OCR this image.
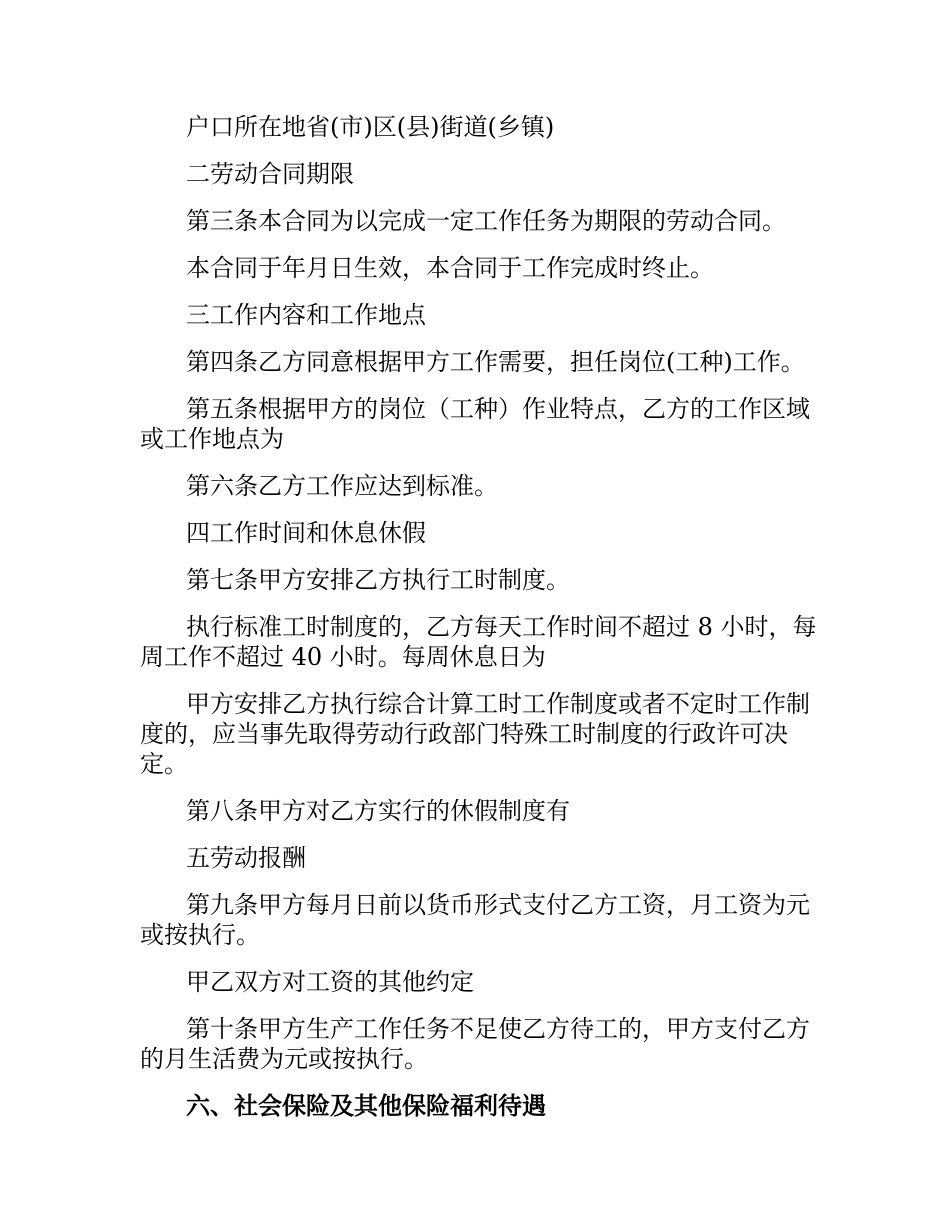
户口所在地省(市)区(县)街道(乡镇)

二劳动合同期限

第三条本合同为以完成一定工作任务为期限的劳动合同。

本合同于年月日生效，本合同于工作完成时终止。

三工作内容和工作地点

第四条乙方同意根据甲方工作需要，担任岗位(工种)工作。

第五条根据甲方的岗位（工种）作业特点，乙方的工作区域或工作地点为

第六条乙方工作应达到标准。

四工作时间和休息休假

第七条甲方安排乙方执行工时制度。

执行标准工时制度的，乙方每天工作时间不超过 8 小时，每周工作不超过 40 小时。每周休息日为

甲方安排乙方执行综合计算工时工作制度或者不定时工作制度的，应当事先取得劳动行政部门特殊工时制度的行政许可决定。

第八条甲方对乙方实行的休假制度有

五劳动报酬

第九条甲方每月日前以货币形式支付乙方工资，月工资为元或按执行。

甲乙双方对工资的其他约定

第十条甲方生产工作任务不足使乙方待工的，甲方支付乙方的月生活费为元或按执行。

六、社会保险及其他保险福利待遇
